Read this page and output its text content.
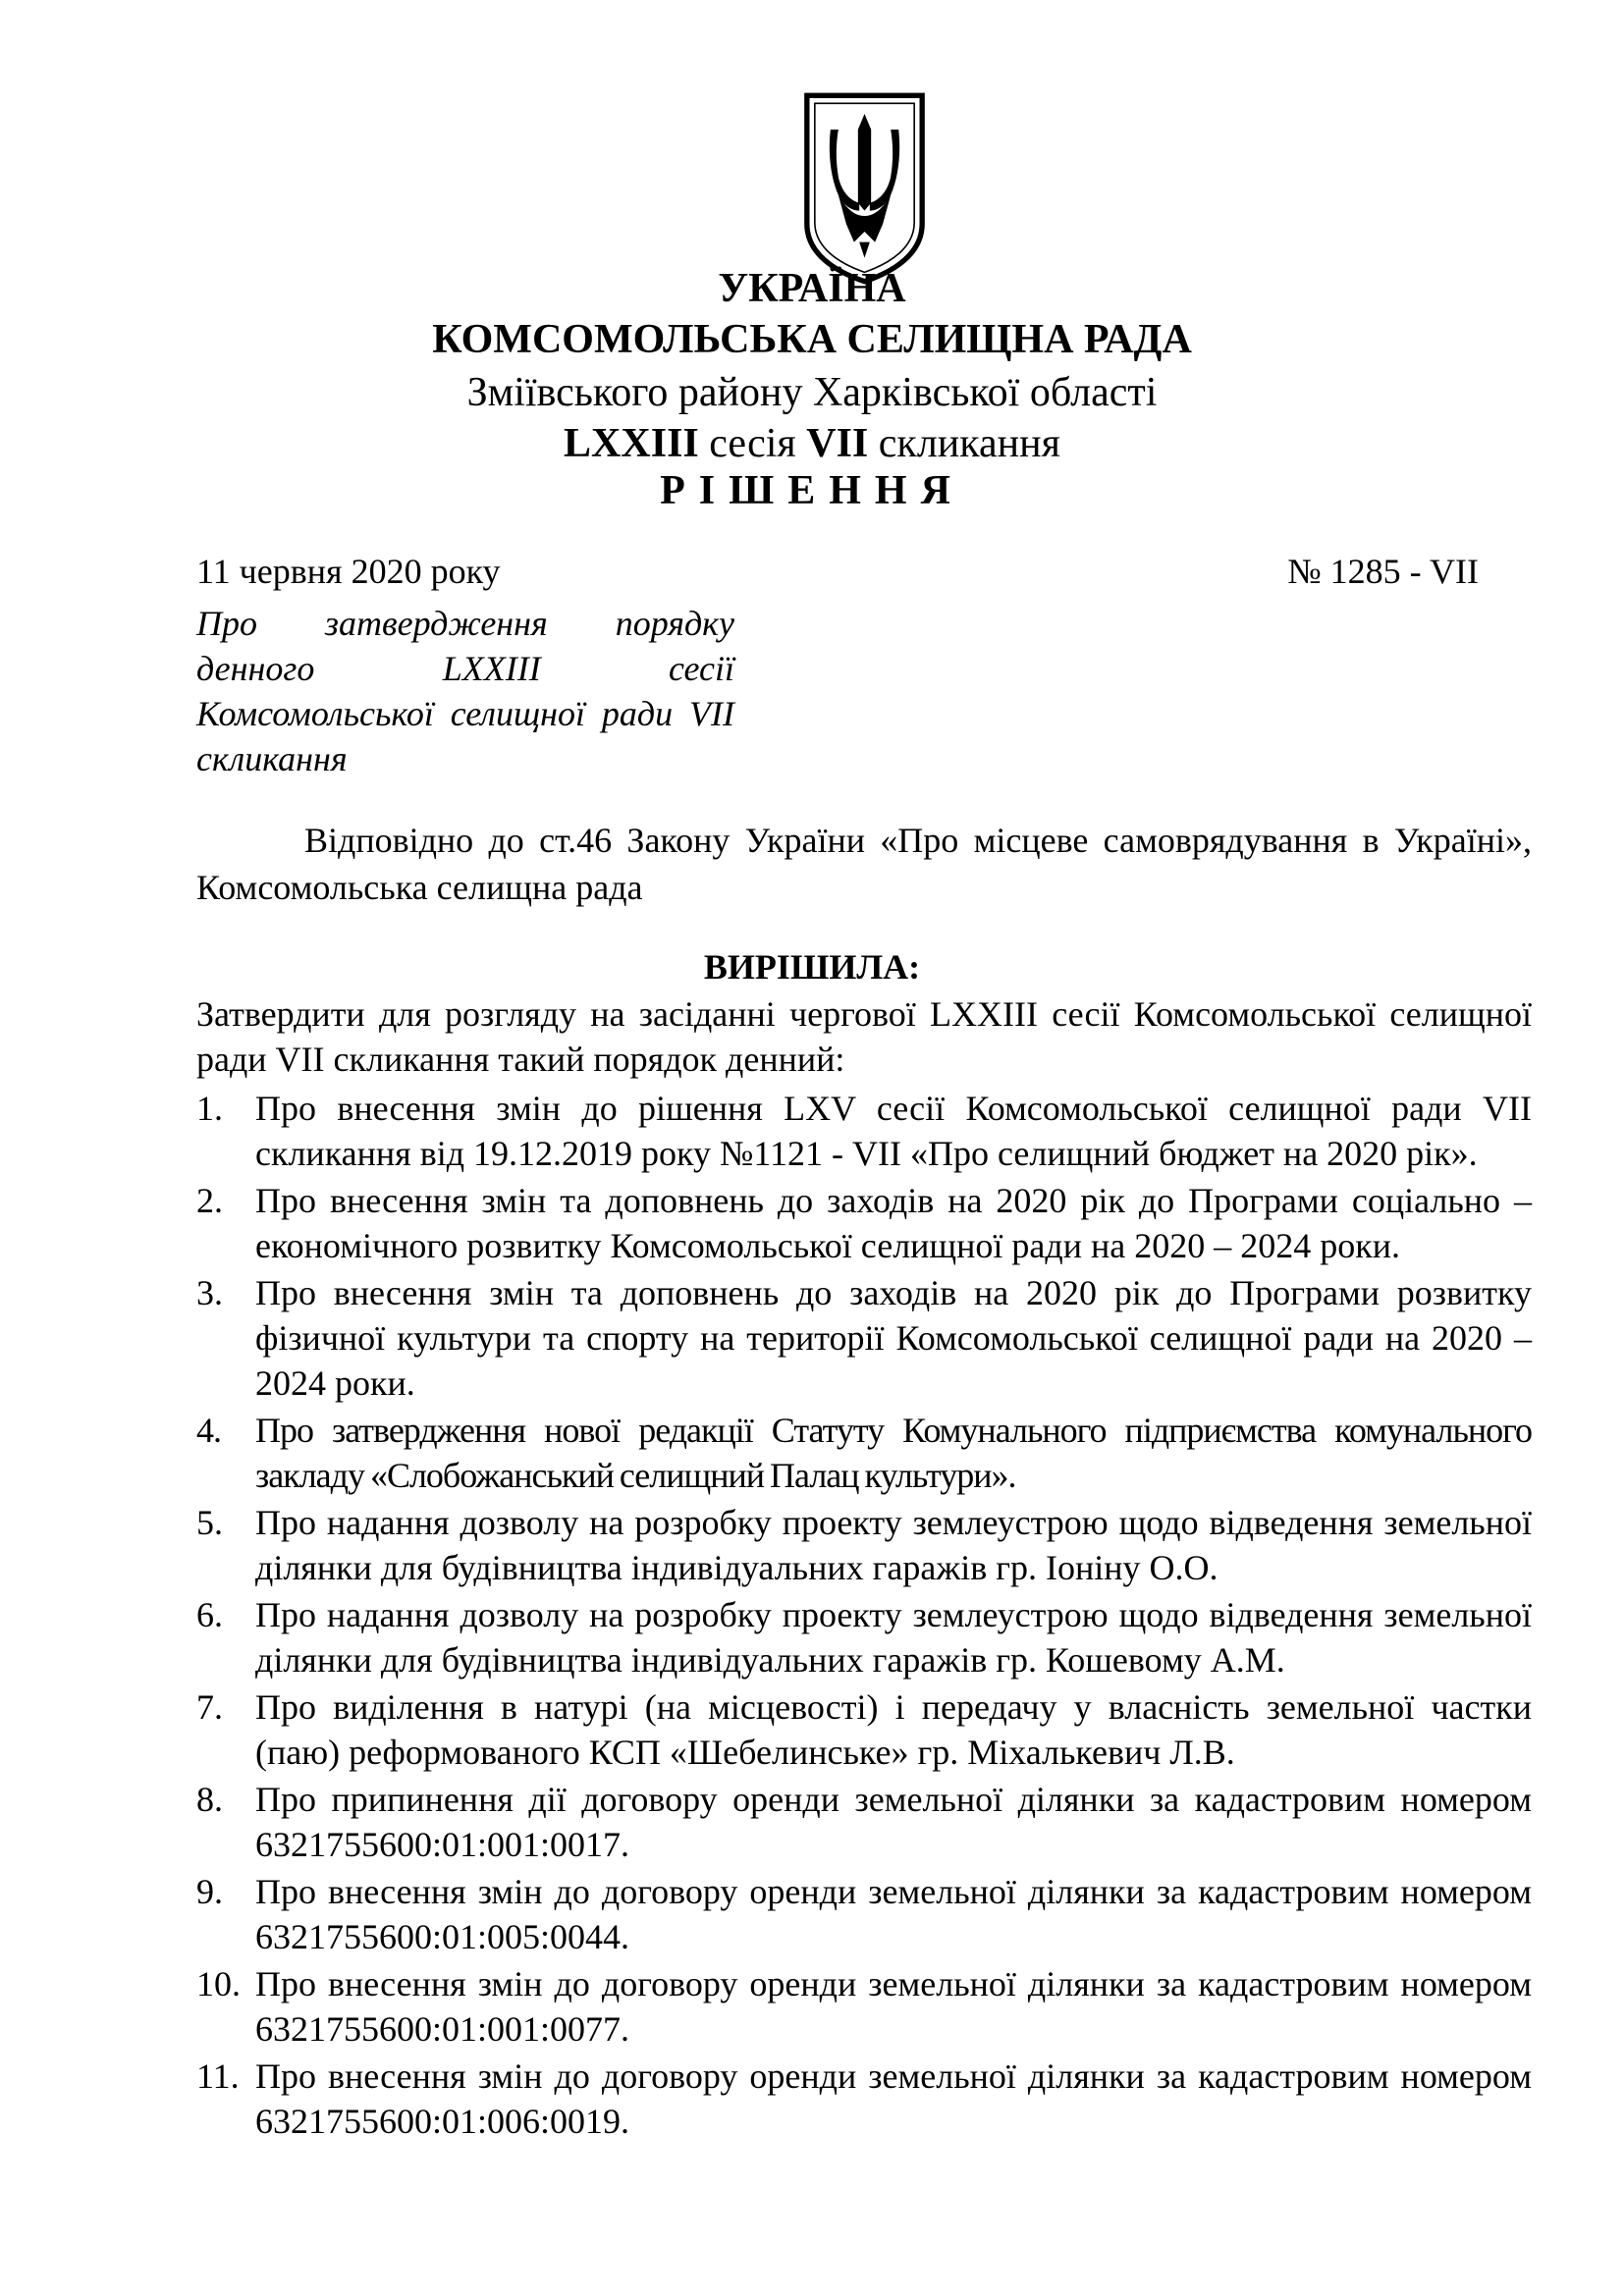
УКРАЇНА
КОМСОМОЛЬСЬКА СЕЛИЩНА РАДА
Зміївського району Харківської області
LXXIII сесія VII скликання
РІШЕННЯ
11 червня 2020 року	№ 1285 - VII
Про затвердження порядку денного LXXIII сесії Комсомольської селищної ради VII скликання
Відповідно до ст.46 Закону України «Про місцеве самоврядування в Україні», Комсомольська селищна рада
ВИРІШИЛА:
Затвердити для розгляду на засіданні чергової LXXIII сесії Комсомольської селищної ради VII скликання такий порядок денний:
1. Про внесення змін до рішення LXV сесії Комсомольської селищної ради VII скликання від 19.12.2019 року №1121 - VII «Про селищний бюджет на 2020 рік».
2. Про внесення змін та доповнень до заходів на 2020 рік до Програми соціально – економічного розвитку Комсомольської селищної ради на 2020 – 2024 роки.
3. Про внесення змін та доповнень до заходів на 2020 рік до Програми розвитку фізичної культури та спорту на території Комсомольської селищної ради на 2020 – 2024 роки.
4. Про затвердження нової редакції Статуту Комунального підприємства комунального закладу «Слобожанський селищний Палац культури».
5. Про надання дозволу на розробку проекту землеустрою щодо відведення земельної ділянки для будівництва індивідуальних гаражів гр. Іоніну О.О.
6. Про надання дозволу на розробку проекту землеустрою щодо відведення земельної ділянки для будівництва індивідуальних гаражів гр. Кошевому А.М.
7. Про виділення в натурі (на місцевості) і передачу у власність земельної частки (паю) реформованого КСП «Шебелинське» гр. Міхалькевич Л.В.
8. Про припинення дії договору оренди земельної ділянки за кадастровим номером 6321755600:01:001:0017.
9. Про внесення змін до договору оренди земельної ділянки за кадастровим номером 6321755600:01:005:0044.
10. Про внесення змін до договору оренди земельної ділянки за кадастровим номером 6321755600:01:001:0077.
11. Про внесення змін до договору оренди земельної ділянки за кадастровим номером 6321755600:01:006:0019.
